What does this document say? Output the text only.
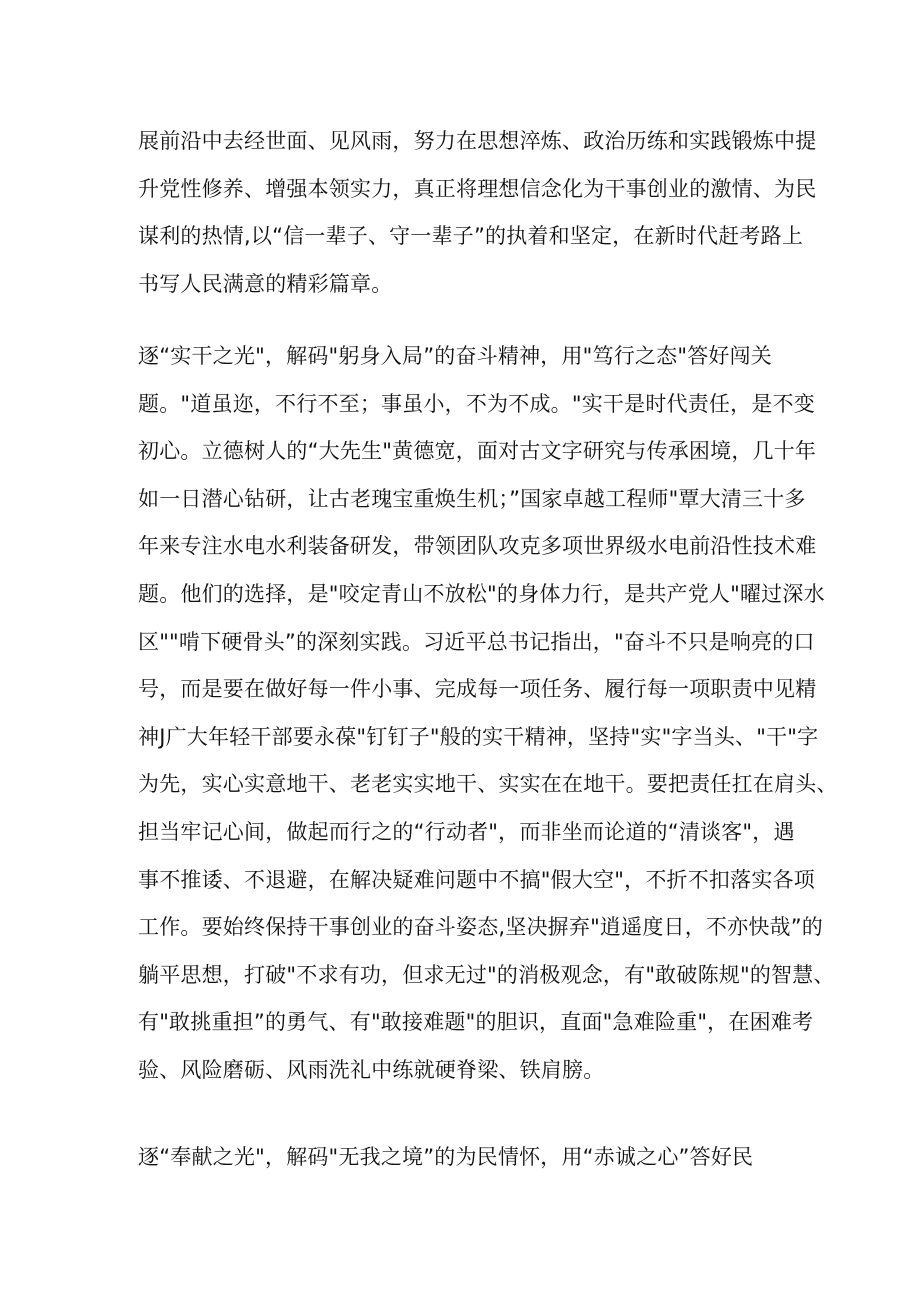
展前沿中去经世面、见风雨，努力在思想淬炼、政治历练和实践锻炼中提
升党性修养、增强本领实力，真正将理想信念化为干事创业的激情、为民
谋利的热情,以“信一辈子、守一辈子”的执着和坚定，在新时代赶考路上
书写人民满意的精彩篇章。
逐“实干之光"，解码"躬身入局”的奋斗精神，用"笃行之态"答好闯关
题。"道虽迩，不行不至；事虽小，不为不成。"实干是时代责任，是不变
初心。立德树人的“大先生"黄德宽，面对古文字研究与传承困境，几十年
如一日潜心钻研，让古老瑰宝重焕生机；”国家卓越工程师"覃大清三十多
年来专注水电水利装备研发，带领团队攻克多项世界级水电前沿性技术难
题。他们的选择，是"咬定青山不放松"的身体力行，是共产党人"曜过深水
区""啃下硬骨头”的深刻实践。习近平总书记指出，"奋斗不只是响亮的口
号，而是要在做好每一件小事、完成每一项任务、履行每一项职责中见精
神J广大年轻干部要永葆"钉钉子"般的实干精神，坚持"实"字当头、"干"字
为先，实心实意地干、老老实实地干、实实在在地干。要把责任扛在肩头、
担当牢记心间，做起而行之的“行动者"，而非坐而论道的“清谈客"，遇
事不推诿、不退避，在解决疑难问题中不搞"假大空"，不折不扣落实各项
工作。要始终保持干事创业的奋斗姿态,坚决摒弃"逍遥度日，不亦快哉”的
躺平思想，打破"不求有功，但求无过"的消极观念，有"敢破陈规"的智慧、
有"敢挑重担”的勇气、有"敢接难题"的胆识，直面"急难险重"，在困难考
验、风险磨砺、风雨洗礼中练就硬脊梁、铁肩膀。
逐“奉献之光"，解码"无我之境”的为民情怀，用“赤诚之心”答好民
